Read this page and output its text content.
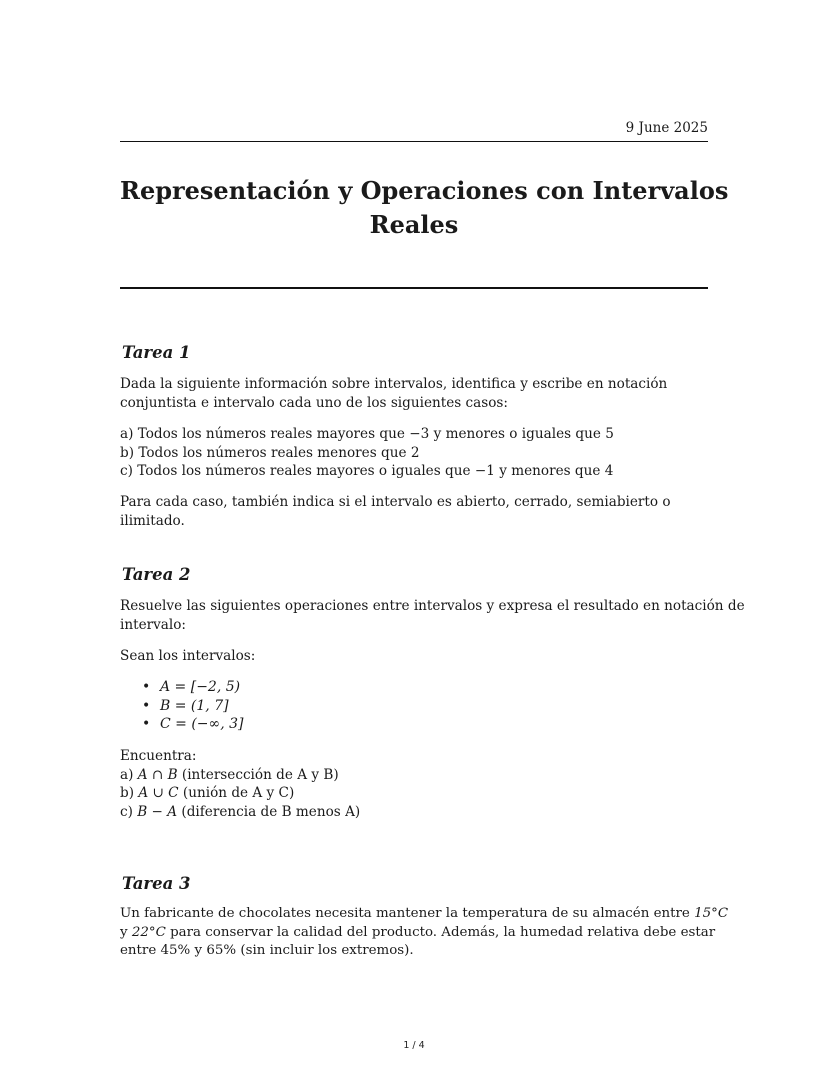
9 June 2025
Representación y Operaciones con Intervalos
Reales
Tarea 1
Dada la siguiente información sobre intervalos, identifica y escribe en notación
conjuntista e intervalo cada uno de los siguientes casos:
a) Todos los números reales mayores que −3 y menores o iguales que 5
b) Todos los números reales menores que 2
c) Todos los números reales mayores o iguales que −1 y menores que 4
Para cada caso, también indica si el intervalo es abierto, cerrado, semiabierto o ilimitado.
Tarea 2
Resuelve las siguientes operaciones entre intervalos y expresa el resultado en notación de
intervalo:
Sean los intervalos:
• A = [−2, 5)
• B = (1, 7]
• C = (−∞, 3]
Encuentra:
a) A ∩ B (intersección de A y B)
b) A ∪ C (unión de A y C)
c) B − A (diferencia de B menos A)
Tarea 3
Un fabricante de chocolates necesita mantener la temperatura de su almacén entre 15°C
y 22°C para conservar la calidad del producto. Además, la humedad relativa debe estar
entre 45% y 65% (sin incluir los extremos).
1 / 4
